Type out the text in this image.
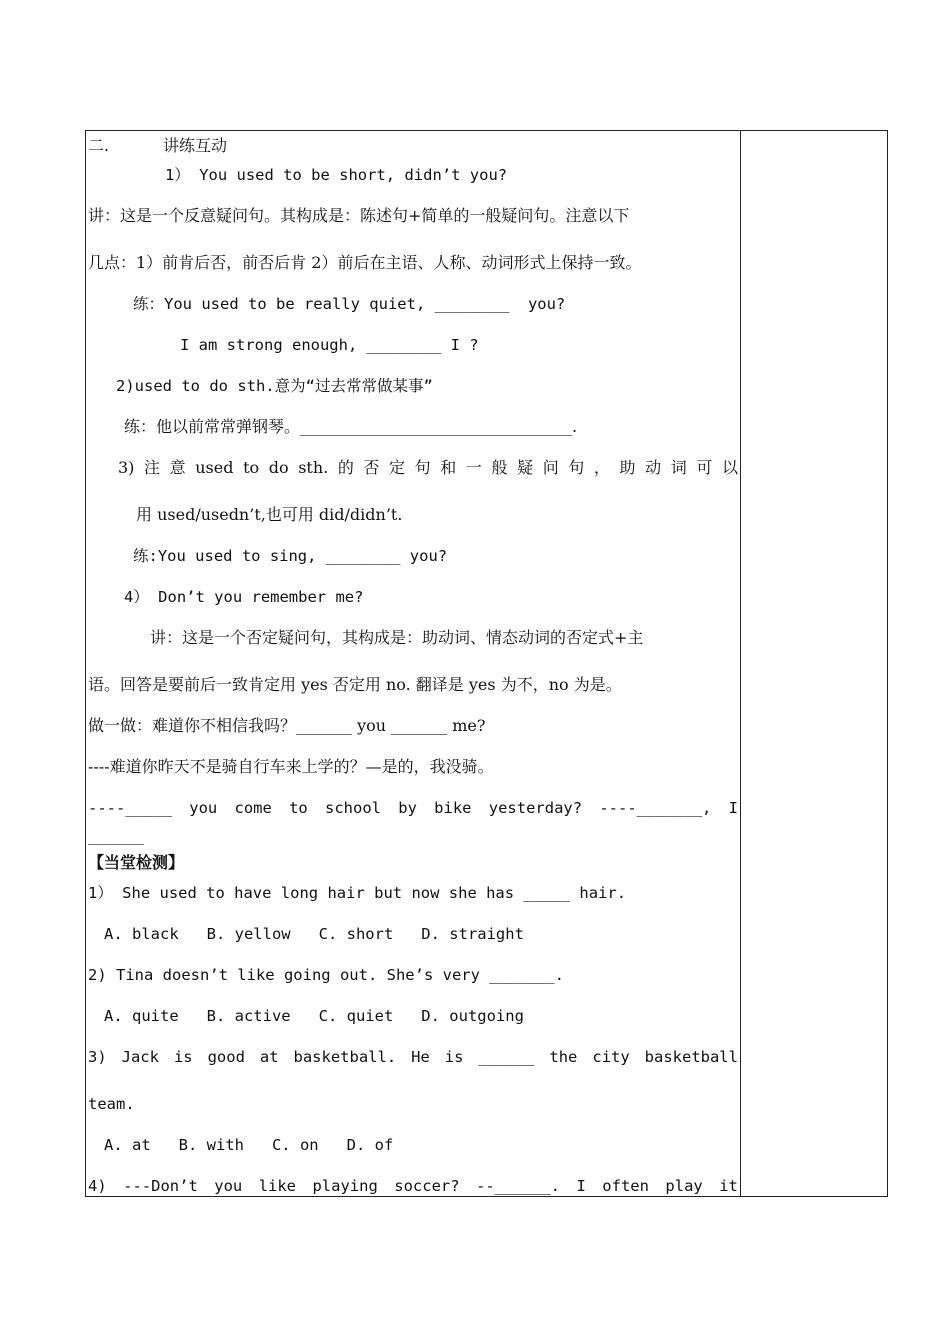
二.	讲练互动
1） You used to be short, didn’t you?
讲：这是一个反意疑问句。其构成是：陈述句+简单的一般疑问句。注意以下
几点：1）前肯后否，前否后肯 2）前后在主语、人称、动词形式上保持一致。
练：You used to be really quiet, ________  you?
I am strong enough, ________ I ?
2)used to do sth.意为“过去常常做某事”
练：他以前常常弹钢琴。__________________________________.
3) 注 意 used to do sth. 的 否 定 句 和 一 般 疑 问 句 ， 助 动 词 可 以
用 used/usedn’t,也可用 did/didn’t.
练:You used to sing, ________ you?
4） Don’t you remember me?
讲：这是一个否定疑问句，其构成是：助动词、情态动词的否定式+主
语。回答是要前后一致肯定用 yes 否定用 no. 翻译是 yes 为不，no 为是。
做一做：难道你不相信我吗？_______ you _______ me?
----难道你昨天不是骑自行车来上学的？—是的，我没骑。
----_____ you come to school by bike yesterday? ----_______, I
______
【当堂检测】
1） She used to have long hair but now she has _____ hair.
A. black   B. yellow   C. short   D. straight
2) Tina doesn’t like going out. She’s very _______.
A. quite   B. active   C. quiet   D. outgoing
3) Jack is good at basketball. He is ______ the city basketball
team.
A. at   B. with   C. on   D. of
4) ---Don’t you like playing soccer? --______. I often play it
